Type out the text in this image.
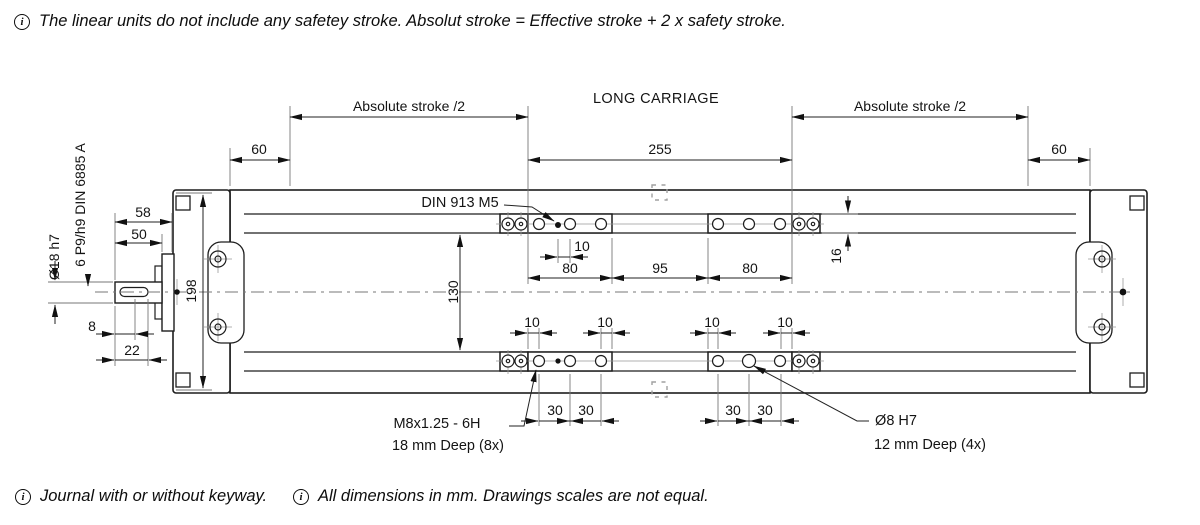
i The linear units do not include any safetey stroke. Absolut stroke = Effective stroke + 2 x safety stroke.
i Journal with or without keyway.	i All dimensions in mm. Drawings scales are not equal.
LONG CARRIAGE
Absolute stroke /2	Absolute stroke /2
60	255	60
58
50
Ø18 h7 6 P9/h9 DIN 6885 A
198
8
22
DIN 913 M5
10
130
16
80	95	80
10	10	10	10
30 30	30 30
M8x1.25 - 6H
18 mm Deep (8x)
Ø8 H7
12 mm Deep (4x)
